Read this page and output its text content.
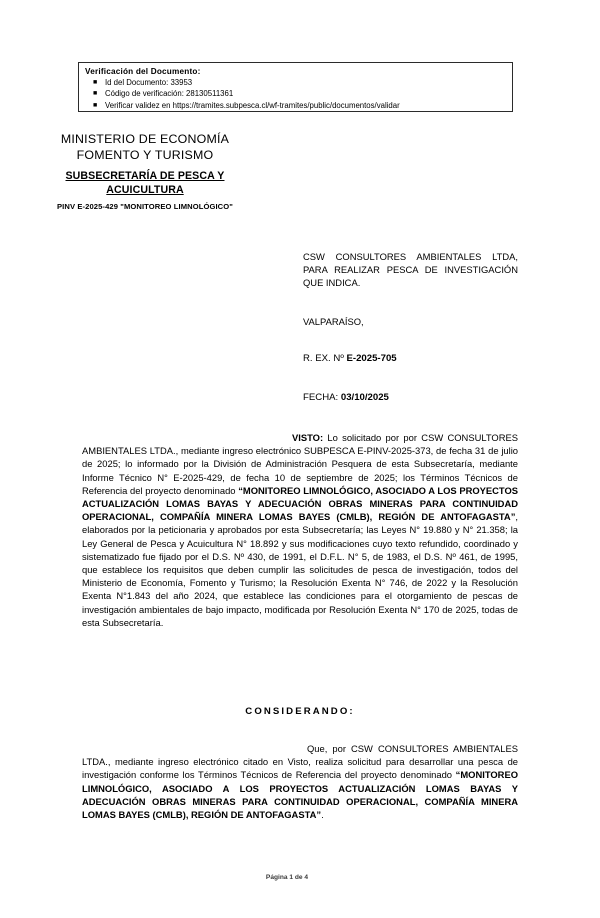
Verificación del Documento:
■ Id del Documento: 33953
■ Código de verificación: 28130511361
■ Verificar validez en https://tramites.subpesca.cl/wf-tramites/public/documentos/validar
MINISTERIO DE ECONOMÍA
FOMENTO Y TURISMO
SUBSECRETARÍA DE PESCA Y
ACUICULTURA
PINV E-2025-429 "MONITOREO LIMNOLÓGICO"
CSW CONSULTORES AMBIENTALES LTDA, PARA REALIZAR PESCA DE INVESTIGACIÓN QUE INDICA.
VALPARAÍSO,
R. EX. Nº E-2025-705
FECHA: 03/10/2025
VISTO: Lo solicitado por por CSW CONSULTORES AMBIENTALES LTDA., mediante ingreso electrónico SUBPESCA E-PINV-2025-373, de fecha 31 de julio de 2025; lo informado por la División de Administración Pesquera de esta Subsecretaría, mediante Informe Técnico N° E-2025-429, de fecha 10 de septiembre de 2025; los Términos Técnicos de Referencia del proyecto denominado “MONITOREO LIMNOLÓGICO, ASOCIADO A LOS PROYECTOS ACTUALIZACIÓN LOMAS BAYAS Y ADECUACIÓN OBRAS MINERAS PARA CONTINUIDAD OPERACIONAL, COMPAÑÍA MINERA LOMAS BAYES (CMLB), REGIÓN DE ANTOFAGASTA”, elaborados por la peticionaria y aprobados por esta Subsecretaría; las Leyes N° 19.880 y N° 21.358; la Ley General de Pesca y Acuicultura N° 18.892 y sus modificaciones cuyo texto refundido, coordinado y sistematizado fue fijado por el D.S. Nº 430, de 1991, el D.F.L. N° 5, de 1983, el D.S. Nº 461, de 1995, que establece los requisitos que deben cumplir las solicitudes de pesca de investigación, todos del Ministerio de Economía, Fomento y Turismo; la Resolución Exenta N° 746, de 2022 y la Resolución Exenta N°1.843 del año 2024, que establece las condiciones para el otorgamiento de pescas de investigación ambientales de bajo impacto, modificada por Resolución Exenta N° 170 de 2025, todas de esta Subsecretaría.
CONSIDERANDO:
Que, por CSW CONSULTORES AMBIENTALES LTDA., mediante ingreso electrónico citado en Visto, realiza solicitud para desarrollar una pesca de investigación conforme los Términos Técnicos de Referencia del proyecto denominado “MONITOREO LIMNOLÓGICO, ASOCIADO A LOS PROYECTOS ACTUALIZACIÓN LOMAS BAYAS Y ADECUACIÓN OBRAS MINERAS PARA CONTINUIDAD OPERACIONAL, COMPAÑÍA MINERA LOMAS BAYES (CMLB), REGIÓN DE ANTOFAGASTA”.
Página 1 de 4
